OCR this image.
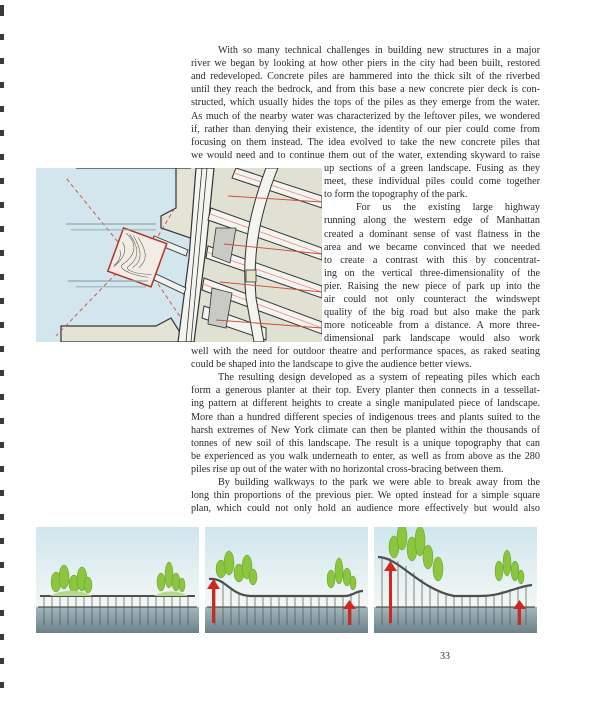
With so many technical challenges in building new structures in a major
river we began by looking at how other piers in the city had been built, restored
and redeveloped. Concrete piles are hammered into the thick silt of the riverbed
until they reach the bedrock, and from this base a new concrete pier deck is con-
structed, which usually hides the tops of the piles as they emerge from the water.
As much of the nearby water was characterized by the leftover piles, we wondered
if, rather than denying their existence, the identity of our pier could come from
focusing on them instead. The idea evolved to take the new concrete piles that
we would need and to continue them out of the water, extending skyward to raise
up sections of a green landscape. Fusing as they
meet, these individual piles could come together
to form the topography of the park.
For us the existing large highway
running along the western edge of Manhattan
created a dominant sense of vast flatness in the
area and we became convinced that we needed
to create a contrast with this by concentrat-
ing on the vertical three-dimensionality of the
pier. Raising the new piece of park up into the
air could not only counteract the windswept
quality of the big road but also make the park
more noticeable from a distance. A more three-
dimensional park landscape would also work
well with the need for outdoor theatre and performance spaces, as raked seating
could be shaped into the landscape to give the audience better views.
The resulting design developed as a system of repeating piles which each
form a generous planter at their top. Every planter then connects in a tessellat-
ing pattern at different heights to create a single manipulated piece of landscape.
More than a hundred different species of indigenous trees and plants suited to the
harsh extremes of New York climate can then be planted within the thousands of
tonnes of new soil of this landscape. The result is a unique topography that can
be experienced as you walk underneath to enter, as well as from above as the 280
piles rise up out of the water with no horizontal cross-bracing between them.
By building walkways to the park we were able to break away from the
long thin proportions of the previous pier. We opted instead for a simple square
plan, which could not only hold an audience more effectively but would also
33
